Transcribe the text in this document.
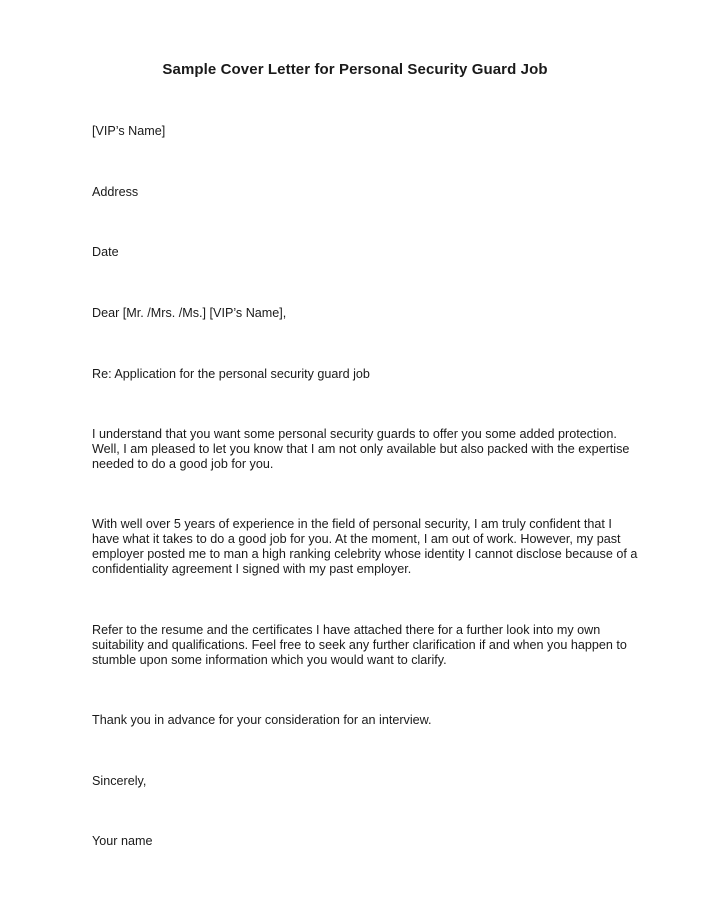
Sample Cover Letter for Personal Security Guard Job
[VIP’s Name]
Address
Date
Dear [Mr. /Mrs. /Ms.] [VIP’s Name],
Re: Application for the personal security guard job
I understand that you want some personal security guards to offer you some added protection.
Well, I am pleased to let you know that I am not only available but also packed with the expertise
needed to do a good job for you.
With well over 5 years of experience in the field of personal security, I am truly confident that I
have what it takes to do a good job for you. At the moment, I am out of work. However, my past
employer posted me to man a high ranking celebrity whose identity I cannot disclose because of a
confidentiality agreement I signed with my past employer.
Refer to the resume and the certificates I have attached there for a further look into my own
suitability and qualifications. Feel free to seek any further clarification if and when you happen to
stumble upon some information which you would want to clarify.
Thank you in advance for your consideration for an interview.
Sincerely,
Your name
